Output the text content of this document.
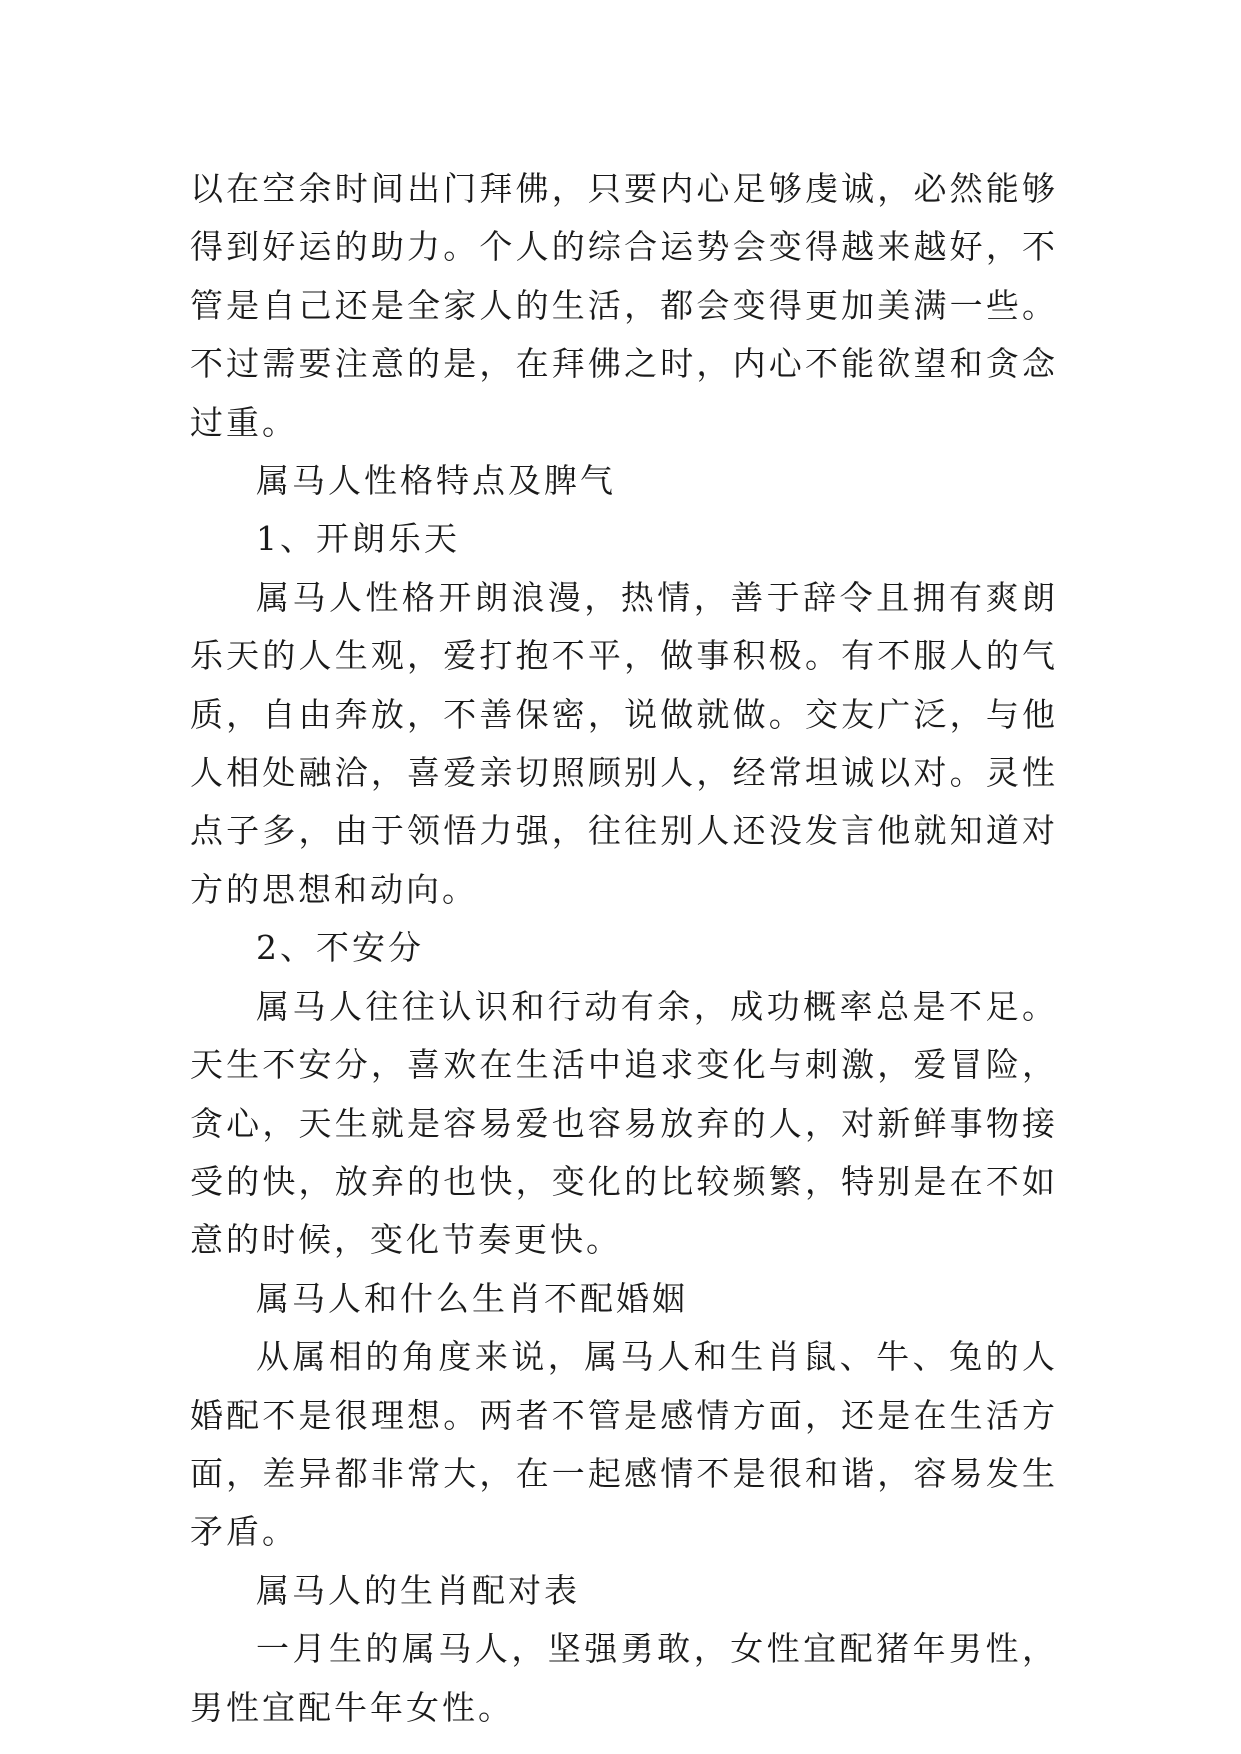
以在空余时间出门拜佛，只要内心足够虔诚，必然能够得到好运的助力。个人的综合运势会变得越来越好，不管是自己还是全家人的生活，都会变得更加美满一些。不过需要注意的是，在拜佛之时，内心不能欲望和贪念过重。

属马人性格特点及脾气

1、开朗乐天

属马人性格开朗浪漫，热情，善于辞令且拥有爽朗乐天的人生观，爱打抱不平，做事积极。有不服人的气质，自由奔放，不善保密，说做就做。交友广泛，与他人相处融洽，喜爱亲切照顾别人，经常坦诚以对。灵性点子多，由于领悟力强，往往别人还没发言他就知道对方的思想和动向。

2、不安分

属马人往往认识和行动有余，成功概率总是不足。天生不安分，喜欢在生活中追求变化与刺激，爱冒险，贪心，天生就是容易爱也容易放弃的人，对新鲜事物接受的快，放弃的也快，变化的比较频繁，特别是在不如意的时候，变化节奏更快。

属马人和什么生肖不配婚姻

从属相的角度来说，属马人和生肖鼠、牛、兔的人婚配不是很理想。两者不管是感情方面，还是在生活方面，差异都非常大，在一起感情不是很和谐，容易发生矛盾。

属马人的生肖配对表

一月生的属马人，坚强勇敢，女性宜配猪年男性，男性宜配牛年女性。
